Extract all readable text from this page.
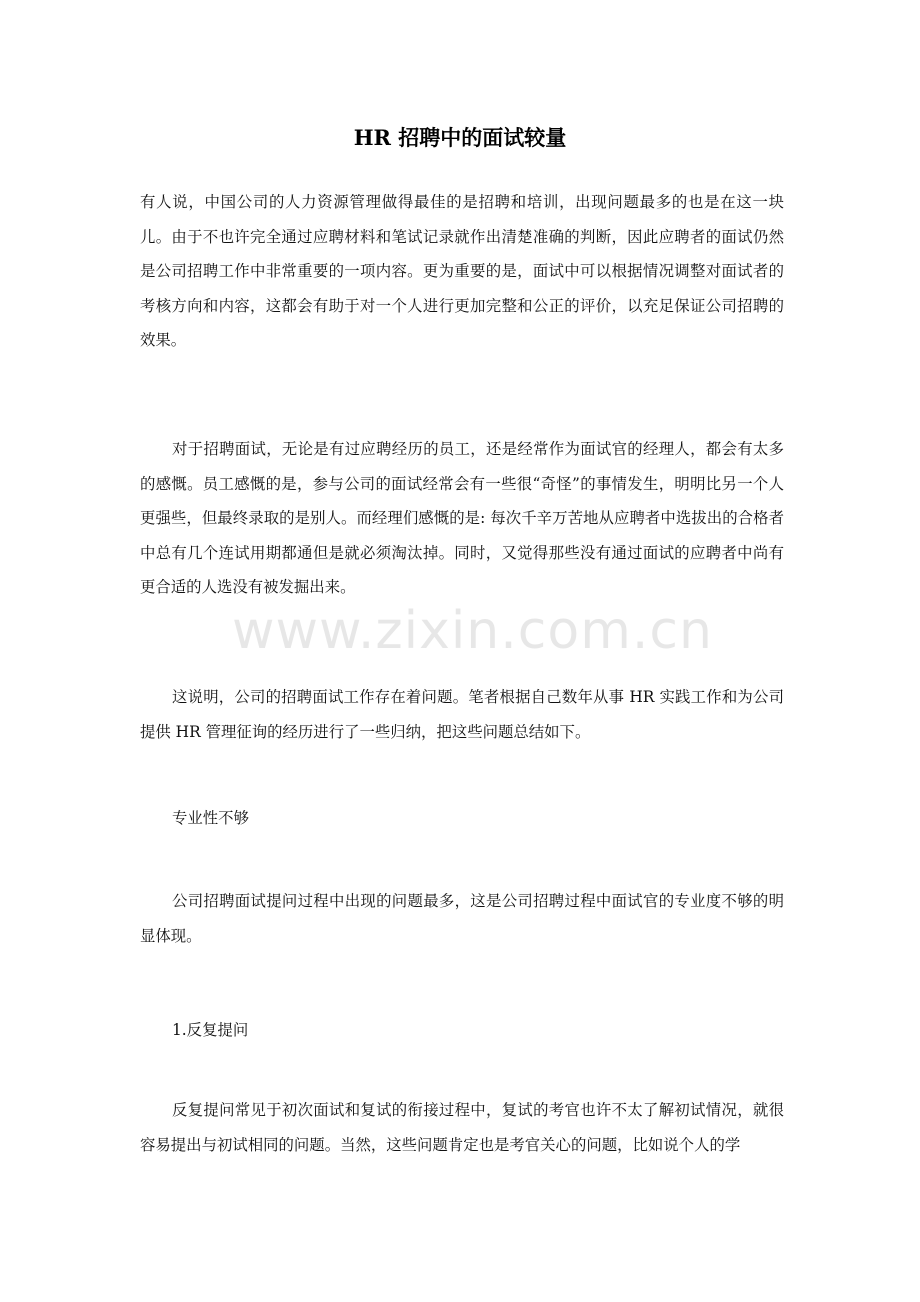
HR 招聘中的面试较量

有人说，中国公司的人力资源管理做得最佳的是招聘和培训，出现问题最多的也是在这一块儿。由于不也许完全通过应聘材料和笔试记录就作出清楚准确的判断，因此应聘者的面试仍然是公司招聘工作中非常重要的一项内容。更为重要的是，面试中可以根据情况调整对面试者的考核方向和内容，这都会有助于对一个人进行更加完整和公正的评价，以充足保证公司招聘的效果。

对于招聘面试，无论是有过应聘经历的员工，还是经常作为面试官的经理人，都会有太多的感慨。员工感慨的是，参与公司的面试经常会有一些很“奇怪”的事情发生，明明比另一个人更强些，但最终录取的是别人。而经理们感慨的是: 每次千辛万苦地从应聘者中选拔出的合格者中总有几个连试用期都通但是就必须淘汰掉。同时，又觉得那些没有通过面试的应聘者中尚有更合适的人选没有被发掘出来。

www.zixin.com.cn

这说明，公司的招聘面试工作存在着问题。笔者根据自己数年从事 HR 实践工作和为公司提供 HR 管理征询的经历进行了一些归纳，把这些问题总结如下。

专业性不够

公司招聘面试提问过程中出现的问题最多，这是公司招聘过程中面试官的专业度不够的明显体现。

1.反复提问

反复提问常见于初次面试和复试的衔接过程中，复试的考官也许不太了解初试情况，就很容易提出与初试相同的问题。当然，这些问题肯定也是考官关心的问题，比如说个人的学
